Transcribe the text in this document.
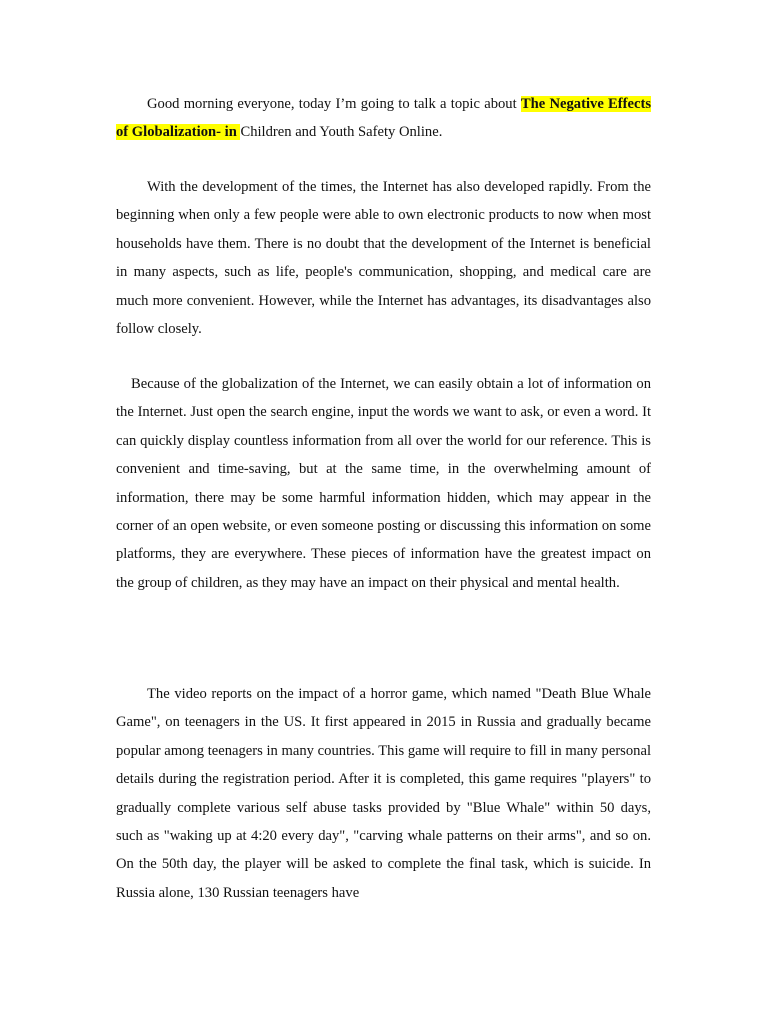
Good morning everyone, today I’m going to talk a topic about The Negative Effects of Globalization- in Children and Youth Safety Online.

With the development of the times, the Internet has also developed rapidly. From the beginning when only a few people were able to own electronic products to now when most households have them. There is no doubt that the development of the Internet is beneficial in many aspects, such as life, people's communication, shopping, and medical care are much more convenient. However, while the Internet has advantages, its disadvantages also follow closely.

Because of the globalization of the Internet, we can easily obtain a lot of information on the Internet. Just open the search engine, input the words we want to ask, or even a word. It can quickly display countless information from all over the world for our reference. This is convenient and time-saving, but at the same time, in the overwhelming amount of information, there may be some harmful information hidden, which may appear in the corner of an open website, or even someone posting or discussing this information on some platforms, they are everywhere. These pieces of information have the greatest impact on the group of children, as they may have an impact on their physical and mental health.

The video reports on the impact of a horror game, which named "Death Blue Whale Game", on teenagers in the US. It first appeared in 2015 in Russia and gradually became popular among teenagers in many countries. This game will require to fill in many personal details during the registration period. After it is completed, this game requires "players" to gradually complete various self abuse tasks provided by "Blue Whale" within 50 days, such as "waking up at 4:20 every day", "carving whale patterns on their arms", and so on. On the 50th day, the player will be asked to complete the final task, which is suicide. In Russia alone, 130 Russian teenagers have
